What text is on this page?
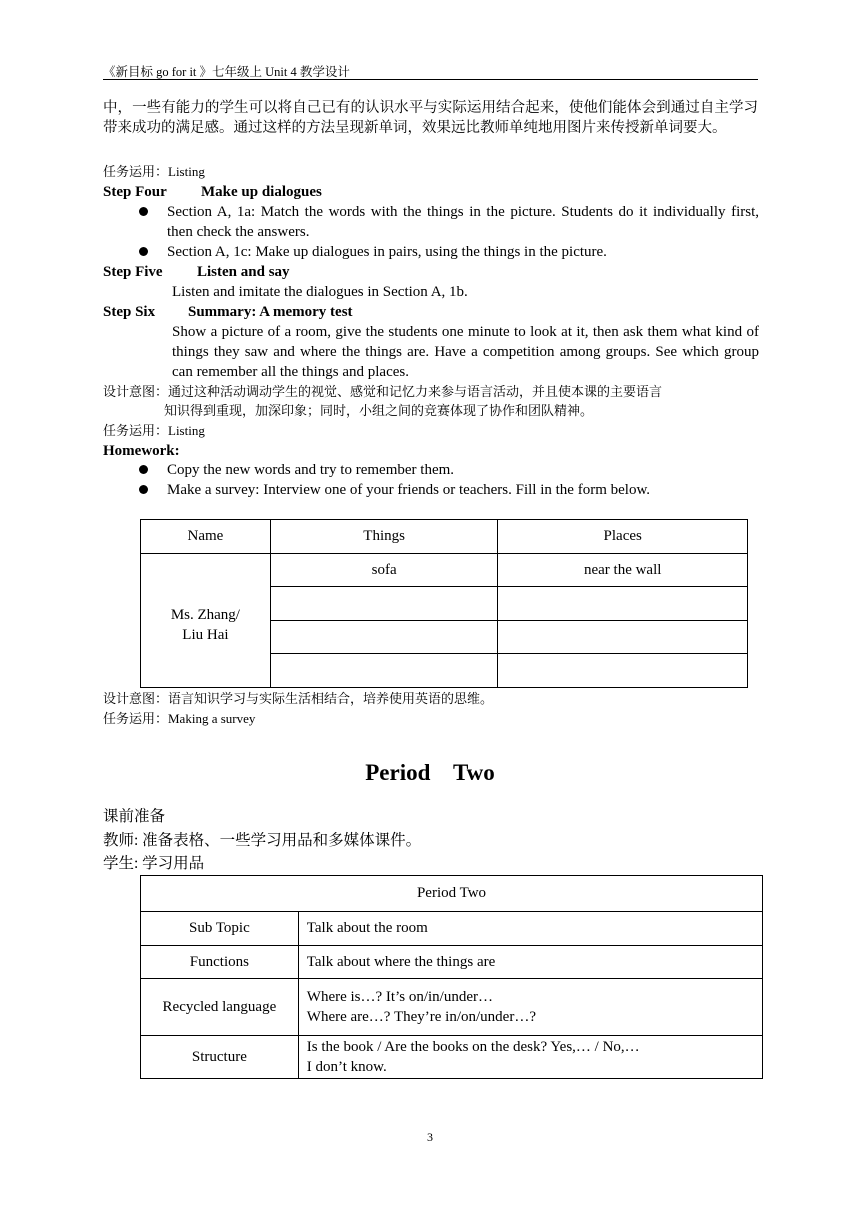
《新目标 go for it 》七年级上 Unit 4 教学设计
中，一些有能力的学生可以将自己已有的认识水平与实际运用结合起来，使他们能体会到通过自主学习带来成功的满足感。通过这样的方法呈现新单词，效果远比教师单纯地用图片来传授新单词要大。
任务运用：Listing
Step Four Make up dialogues
Section A, 1a: Match the words with the things in the picture. Students do it individually first, then check the answers.
Section A, 1c: Make up dialogues in pairs, using the things in the picture.
Step Five Listen and say
Listen and imitate the dialogues in Section A, 1b.
Step Six Summary: A memory test
Show a picture of a room, give the students one minute to look at it, then ask them what kind of things they saw and where the things are. Have a competition among groups. See which group can remember all the things and places.
设计意图：通过这种活动调动学生的视觉、感觉和记忆力来参与语言活动，并且使本课的主要语言
知识得到重现，加深印象；同时，小组之间的竞赛体现了协作和团队精神。
任务运用：Listing
Homework:
Copy the new words and try to remember them.
Make a survey: Interview one of your friends or teachers. Fill in the form below.
Name	Things	Places

Ms. Zhang/
Liu Hai	sofa	near the wall

设计意图：语言知识学习与实际生活相结合，培养使用英语的思维。
任务运用：Making a survey
Period    Two
课前准备
教师: 准备表格、一些学习用品和多媒体课件。
学生: 学习用品
Period Two	
Sub Topic	Talk about the room
Functions	Talk about where the things are
Recycled language	Where is…? It’s on/in/under…
Where are…? They’re in/on/under…?
Structure	Is the book / Are the books on the desk? Yes,… / No,…
I don’t know.
3
